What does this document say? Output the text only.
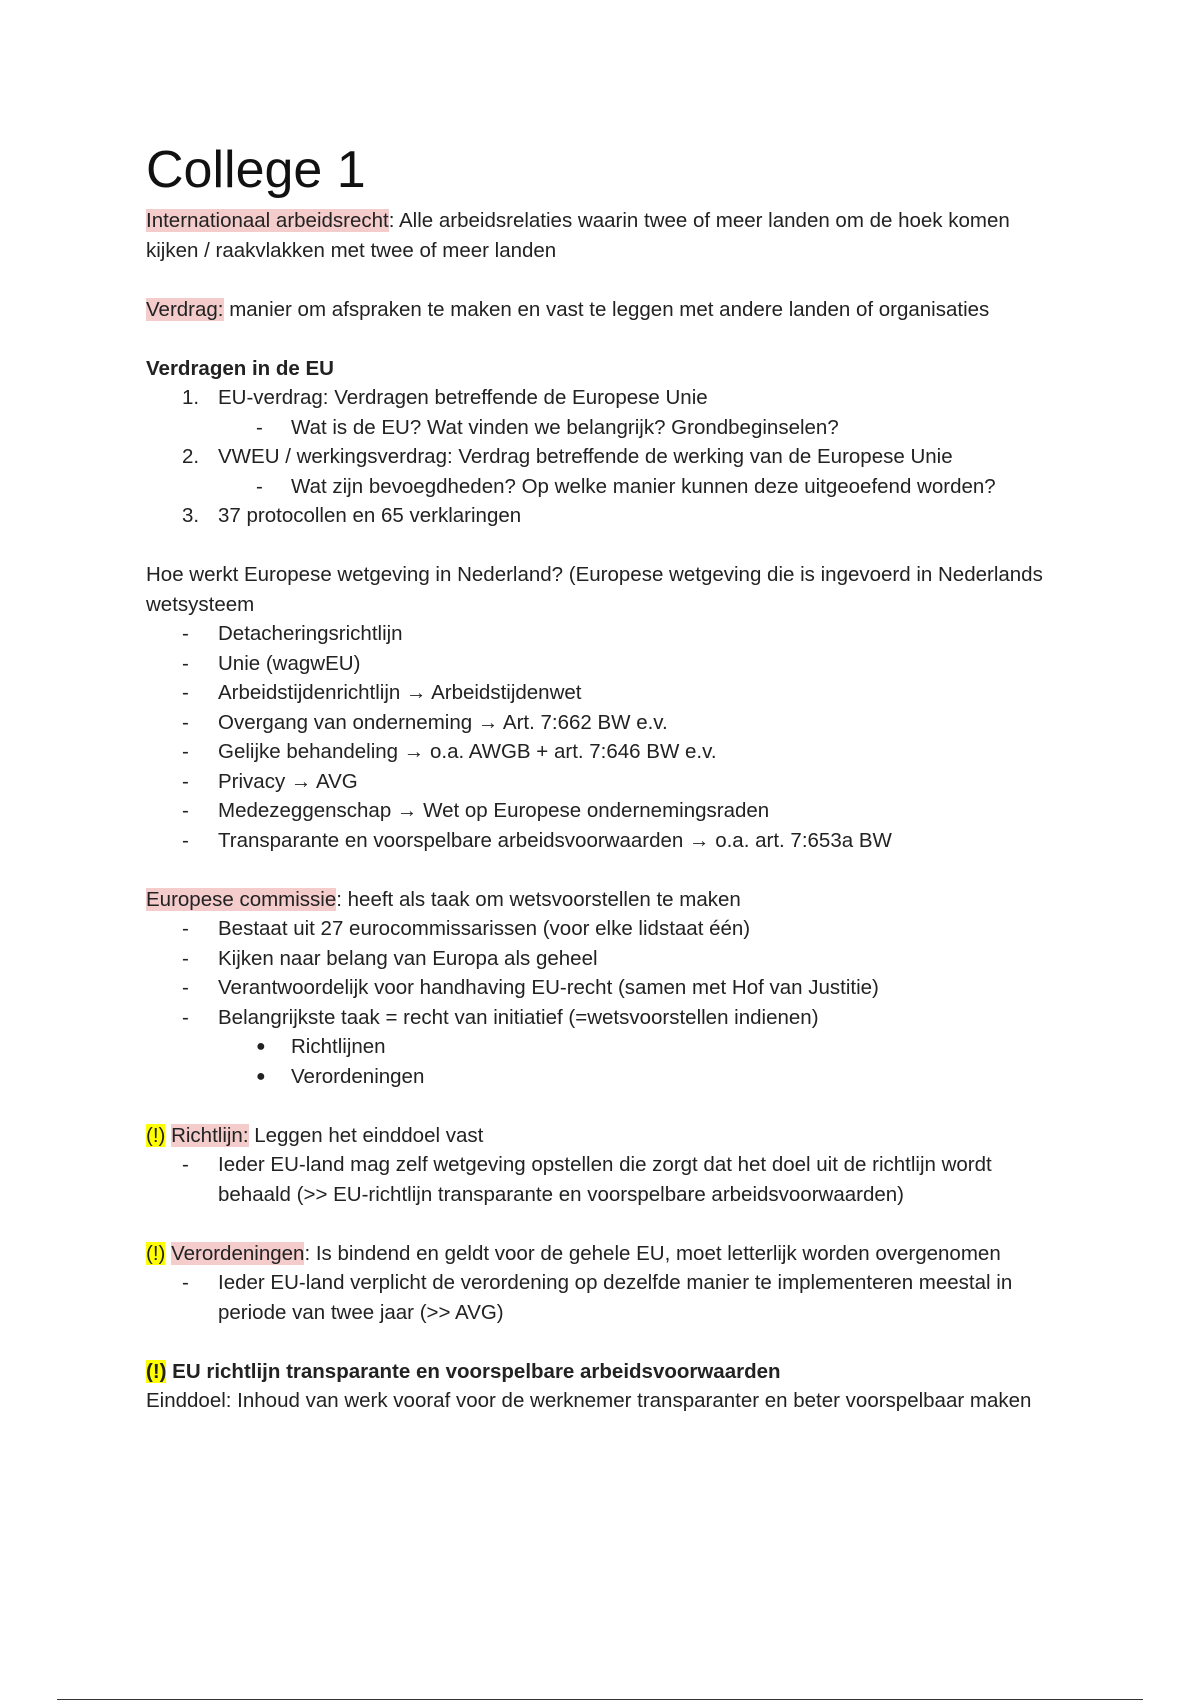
College 1

Internationaal arbeidsrecht: Alle arbeidsrelaties waarin twee of meer landen om de hoek komen kijken / raakvlakken met twee of meer landen

Verdrag: manier om afspraken te maken en vast te leggen met andere landen of organisaties

Verdragen in de EU

1. EU-verdrag: Verdragen betreffende de Europese Unie
- Wat is de EU? Wat vinden we belangrijk? Grondbeginselen?
2. VWEU / werkingsverdrag: Verdrag betreffende de werking van de Europese Unie
- Wat zijn bevoegdheden? Op welke manier kunnen deze uitgeoefend worden?
3. 37 protocollen en 65 verklaringen

Hoe werkt Europese wetgeving in Nederland? (Europese wetgeving die is ingevoerd in Nederlands wetsysteem

- Detacheringsrichtlijn
- Unie (wagwEU)
- Arbeidstijdenrichtlijn → Arbeidstijdenwet
- Overgang van onderneming → Art. 7:662 BW e.v.
- Gelijke behandeling → o.a. AWGB + art. 7:646 BW e.v.
- Privacy → AVG
- Medezeggenschap → Wet op Europese ondernemingsraden
- Transparante en voorspelbare arbeidsvoorwaarden → o.a. art. 7:653a BW

Europese commissie: heeft als taak om wetsvoorstellen te maken

- Bestaat uit 27 eurocommissarissen (voor elke lidstaat één)
- Kijken naar belang van Europa als geheel
- Verantwoordelijk voor handhaving EU-recht (samen met Hof van Justitie)
- Belangrijkste taak = recht van initiatief (=wetsvoorstellen indienen)
● Richtlijnen
● Verordeningen

(!) Richtlijn: Leggen het einddoel vast

- Ieder EU-land mag zelf wetgeving opstellen die zorgt dat het doel uit de richtlijn wordt behaald (>> EU-richtlijn transparante en voorspelbare arbeidsvoorwaarden)

(!) Verordeningen: Is bindend en geldt voor de gehele EU, moet letterlijk worden overgenomen

- Ieder EU-land verplicht de verordening op dezelfde manier te implementeren meestal in periode van twee jaar (>> AVG)

(!) EU richtlijn transparante en voorspelbare arbeidsvoorwaarden

Einddoel: Inhoud van werk vooraf voor de werknemer transparanter en beter voorspelbaar maken
